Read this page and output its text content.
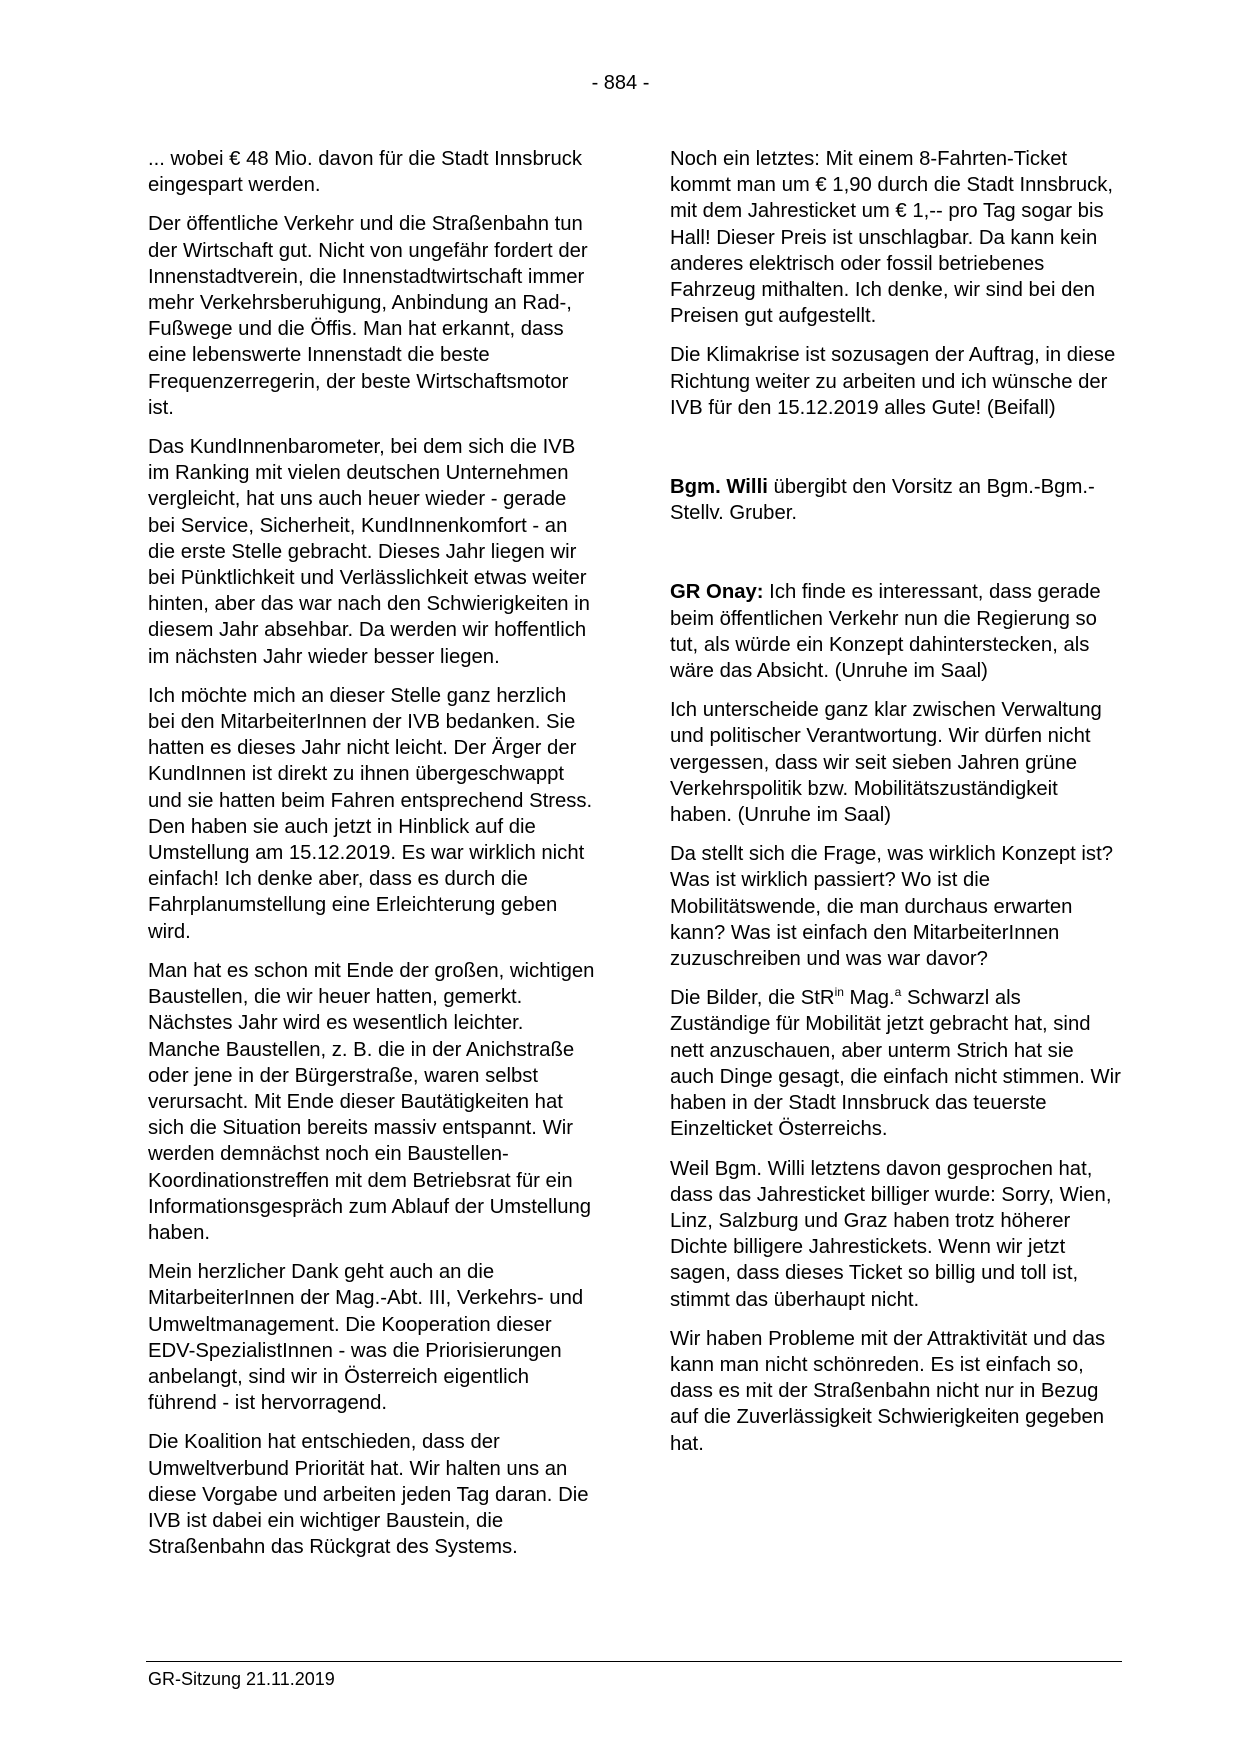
- 884 -

... wobei € 48 Mio. davon für die Stadt Innsbruck eingespart werden.

Der öffentliche Verkehr und die Straßenbahn tun der Wirtschaft gut. Nicht von ungefähr fordert der Innenstadtverein, die Innenstadtwirtschaft immer mehr Verkehrsberuhigung, Anbindung an Rad-, Fußwege und die Öffis. Man hat erkannt, dass eine lebenswerte Innenstadt die beste Frequenzerregerin, der beste Wirtschaftsmotor ist.

Das KundInnenbarometer, bei dem sich die IVB im Ranking mit vielen deutschen Unternehmen vergleicht, hat uns auch heuer wieder - gerade bei Service, Sicherheit, KundInnenkomfort - an die erste Stelle gebracht. Dieses Jahr liegen wir bei Pünktlichkeit und Verlässlichkeit etwas weiter hinten, aber das war nach den Schwierigkeiten in diesem Jahr absehbar. Da werden wir hoffentlich im nächsten Jahr wieder besser liegen.

Ich möchte mich an dieser Stelle ganz herzlich bei den MitarbeiterInnen der IVB bedanken. Sie hatten es dieses Jahr nicht leicht. Der Ärger der KundInnen ist direkt zu ihnen übergeschwappt und sie hatten beim Fahren entsprechend Stress. Den haben sie auch jetzt in Hinblick auf die Umstellung am 15.12.2019. Es war wirklich nicht einfach! Ich denke aber, dass es durch die Fahrplanumstellung eine Erleichterung geben wird.

Man hat es schon mit Ende der großen, wichtigen Baustellen, die wir heuer hatten, gemerkt. Nächstes Jahr wird es wesentlich leichter. Manche Baustellen, z. B. die in der Anichstraße oder jene in der Bürgerstraße, waren selbst verursacht. Mit Ende dieser Bautätigkeiten hat sich die Situation bereits massiv entspannt. Wir werden demnächst noch ein Baustellen-Koordinationstreffen mit dem Betriebsrat für ein Informationsgespräch zum Ablauf der Umstellung haben.

Mein herzlicher Dank geht auch an die MitarbeiterInnen der Mag.-Abt. III, Verkehrs- und Umweltmanagement. Die Kooperation dieser EDV-SpezialistInnen - was die Priorisierungen anbelangt, sind wir in Österreich eigentlich führend - ist hervorragend.

Die Koalition hat entschieden, dass der Umweltverbund Priorität hat. Wir halten uns an diese Vorgabe und arbeiten jeden Tag daran. Die IVB ist dabei ein wichtiger Baustein, die Straßenbahn das Rückgrat des Systems.

Noch ein letztes: Mit einem 8-Fahrten-Ticket kommt man um € 1,90 durch die Stadt Innsbruck, mit dem Jahresticket um € 1,-- pro Tag sogar bis Hall! Dieser Preis ist unschlagbar. Da kann kein anderes elektrisch oder fossil betriebenes Fahrzeug mithalten. Ich denke, wir sind bei den Preisen gut aufgestellt.

Die Klimakrise ist sozusagen der Auftrag, in diese Richtung weiter zu arbeiten und ich wünsche der IVB für den 15.12.2019 alles Gute! (Beifall)

Bgm. Willi übergibt den Vorsitz an Bgm.-Bgm.-Stellv. Gruber.

GR Onay: Ich finde es interessant, dass gerade beim öffentlichen Verkehr nun die Regierung so tut, als würde ein Konzept dahinterstecken, als wäre das Absicht. (Unruhe im Saal)

Ich unterscheide ganz klar zwischen Verwaltung und politischer Verantwortung. Wir dürfen nicht vergessen, dass wir seit sieben Jahren grüne Verkehrspolitik bzw. Mobilitätszuständigkeit haben. (Unruhe im Saal)

Da stellt sich die Frage, was wirklich Konzept ist? Was ist wirklich passiert? Wo ist die Mobilitätswende, die man durchaus erwarten kann? Was ist einfach den MitarbeiterInnen zuzuschreiben und was war davor?

Die Bilder, die StR$^{in}$ Mag.$^a$ Schwarzl als Zuständige für Mobilität jetzt gebracht hat, sind nett anzuschauen, aber unterm Strich hat sie auch Dinge gesagt, die einfach nicht stimmen. Wir haben in der Stadt Innsbruck das teuerste Einzelticket Österreichs.

Weil Bgm. Willi letztens davon gesprochen hat, dass das Jahresticket billiger wurde: Sorry, Wien, Linz, Salzburg und Graz haben trotz höherer Dichte billigere Jahrestickets. Wenn wir jetzt sagen, dass dieses Ticket so billig und toll ist, stimmt das überhaupt nicht.

Wir haben Probleme mit der Attraktivität und das kann man nicht schönreden. Es ist einfach so, dass es mit der Straßenbahn nicht nur in Bezug auf die Zuverlässigkeit Schwierigkeiten gegeben hat.

GR-Sitzung 21.11.2019
